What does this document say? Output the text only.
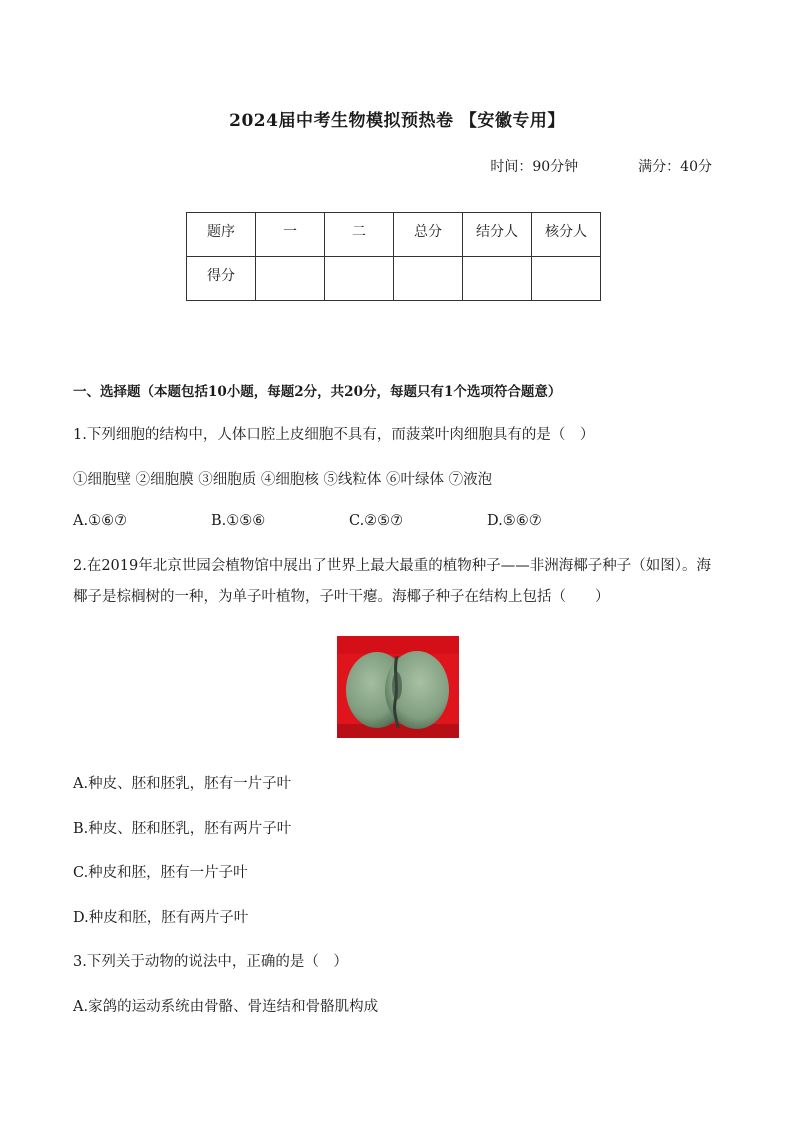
2024届中考生物模拟预热卷 【安徽专用】
时间：90分钟	满分：40分
题序	一	二	总分	结分人	核分人
得分					
一、选择题（本题包括10小题，每题2分，共20分，每题只有1个选项符合题意）
1.下列细胞的结构中，人体口腔上皮细胞不具有，而菠菜叶肉细胞具有的是（　）
①细胞壁 ②细胞膜 ③细胞质 ④细胞核 ⑤线粒体 ⑥叶绿体 ⑦液泡
A.①⑥⑦	B.①⑤⑥	C.②⑤⑦	D.⑤⑥⑦
2.在2019年北京世园会植物馆中展出了世界上最大最重的植物种子——非洲海椰子种子（如图）。海椰子是棕榈树的一种，为单子叶植物，子叶干瘪。海椰子种子在结构上包括（　　）
A.种皮、胚和胚乳，胚有一片子叶
B.种皮、胚和胚乳，胚有两片子叶
C.种皮和胚，胚有一片子叶
D.种皮和胚，胚有两片子叶
3.下列关于动物的说法中，正确的是（　）
A.家鸽的运动系统由骨骼、骨连结和骨骼肌构成
